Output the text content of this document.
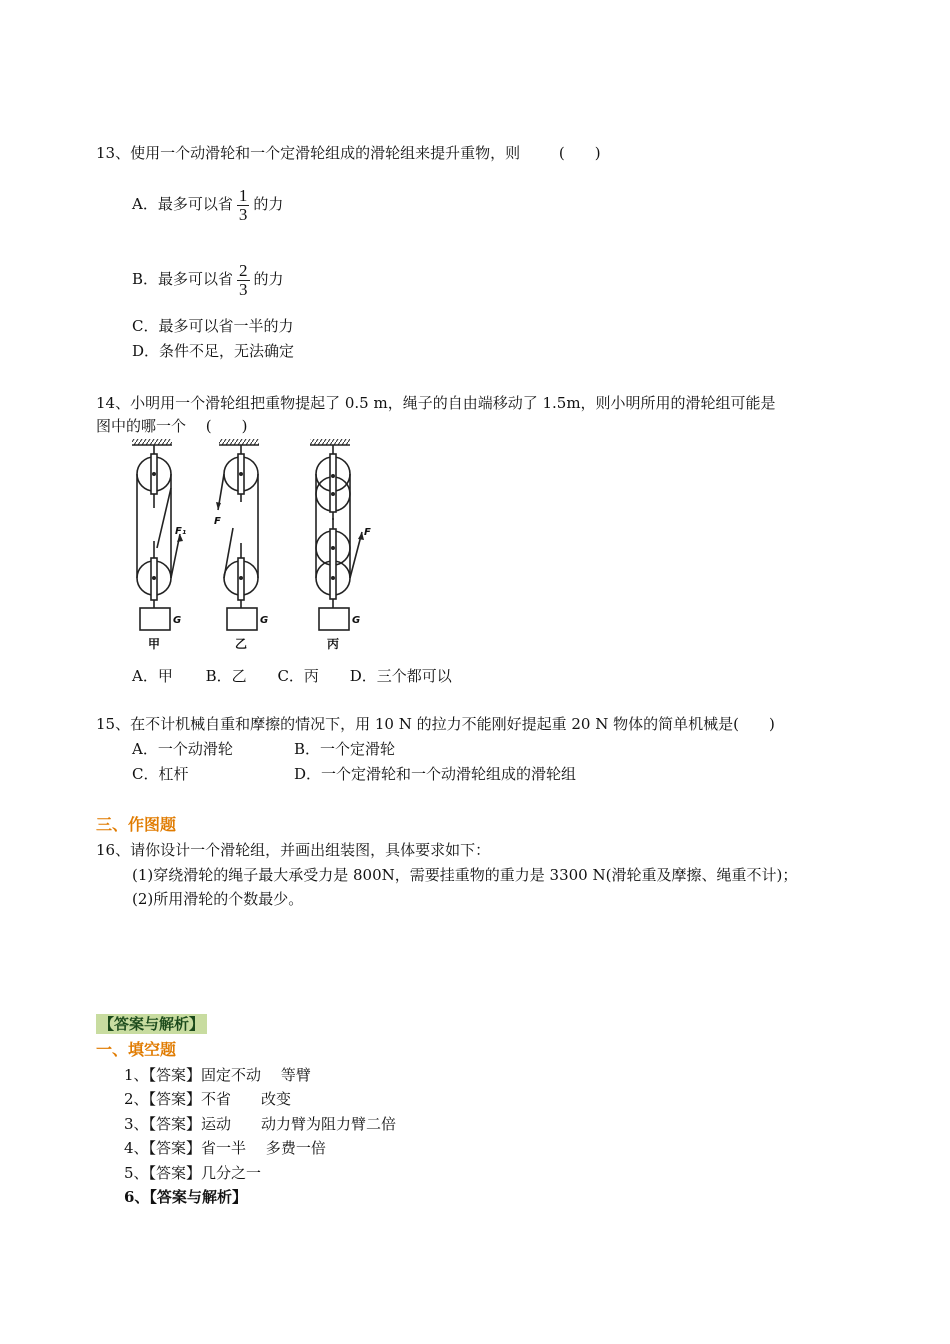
13、使用一个动滑轮和一个定滑轮组成的滑轮组来提升重物，则	(　　)
A．最多可以省 $\frac{1}{3}$ 的力
B．最多可以省 $\frac{2}{3}$ 的力
C．最多可以省一半的力
D．条件不足，无法确定
14、小明用一个滑轮组把重物提起了 0.5 m，绳子的自由端移动了 1.5m，则小明所用的滑轮组可能是
图中的哪一个　 (　　)
F₁
F
F
G	G	G
甲	乙	丙
A．甲 B．乙 C．丙 D．三个都可以
15、在不计机械自重和摩擦的情况下，用 10 N 的拉力不能刚好提起重 20 N 物体的简单机械是(　　)
A．一个动滑轮	B．一个定滑轮
C．杠杆	D．一个定滑轮和一个动滑轮组成的滑轮组
三、作图题
16、请你设计一个滑轮组，并画出组装图，具体要求如下：
(1)穿绕滑轮的绳子最大承受力是 800N，需要挂重物的重力是 3300 N(滑轮重及摩擦、绳重不计)；
(2)所用滑轮的个数最少。
【答案与解析】
一、填空题
1、【答案】固定不动　 等臂
2、【答案】不省　　改变
3、【答案】运动　　动力臂为阻力臂二倍
4、【答案】省一半　 多费一倍
5、【答案】几分之一
6、【答案与解析】
